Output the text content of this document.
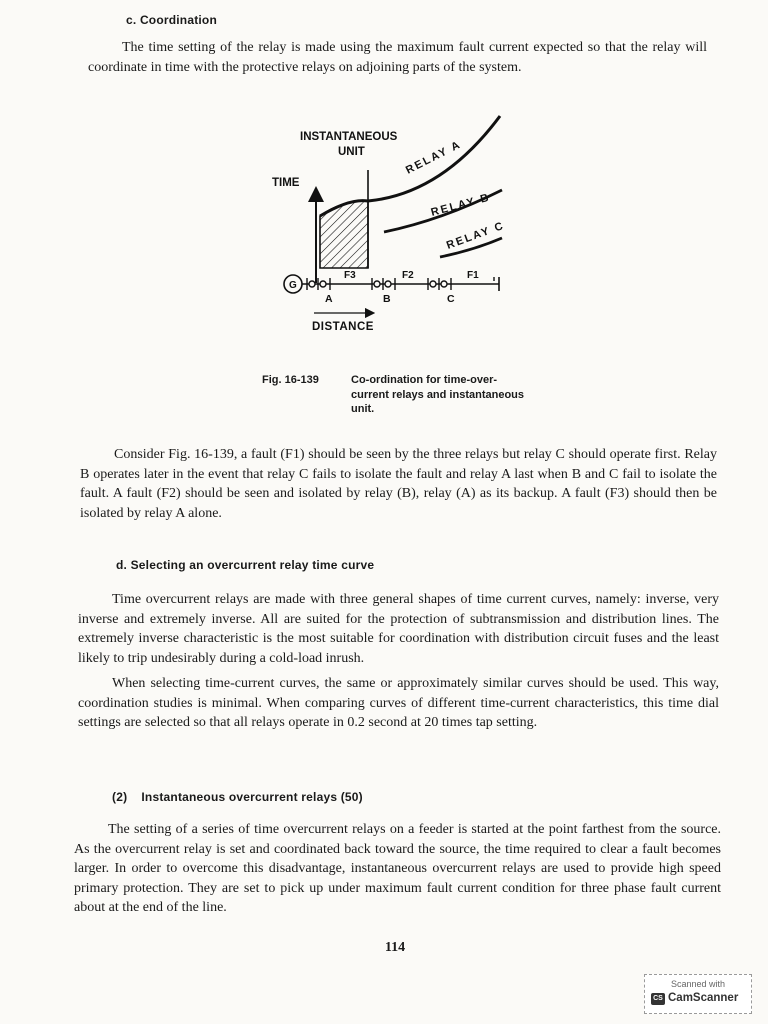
c. Coordination
The time setting of the relay is made using the maximum fault current expected so that the relay will coordinate in time with the protective relays on adjoining parts of the system.
INSTANTANEOUS
UNIT
TIME
RELAY A
RELAY B
RELAY C
G
F3	F2	F1
A	B	C
DISTANCE
Fig. 16-139	Co-ordination for time-over-current relays and instantaneous unit.
Consider Fig. 16-139, a fault (F1) should be seen by the three relays but relay C should operate first. Relay B operates later in the event that relay C fails to isolate the fault and relay A last when B and C fail to isolate the fault. A fault (F2) should be seen and isolated by relay (B), relay (A) as its backup. A fault (F3) should then be isolated by relay A alone.
d. Selecting an overcurrent relay time curve
Time overcurrent relays are made with three general shapes of time current curves, namely: inverse, very inverse and extremely inverse. All are suited for the protection of subtransmission and distribution lines. The extremely inverse characteristic is the most suitable for coordination with distribution circuit fuses and the least likely to trip undesirably during a cold-load inrush.
When selecting time-current curves, the same or approximately similar curves should be used. This way, coordination studies is minimal. When comparing curves of different time-current characteristics, this time dial settings are selected so that all relays operate in 0.2 second at 20 times tap setting.
(2)    Instantaneous overcurrent relays (50)
The setting of a series of time overcurrent relays on a feeder is started at the point farthest from the source. As the overcurrent relay is set and coordinated back toward the source, the time required to clear a fault becomes larger. In order to overcome this disadvantage, instantaneous overcurrent relays are used to provide high speed primary protection. They are set to pick up under maximum fault current condition for three phase fault current about at the end of the line.
114
Scanned with
CS CamScanner
